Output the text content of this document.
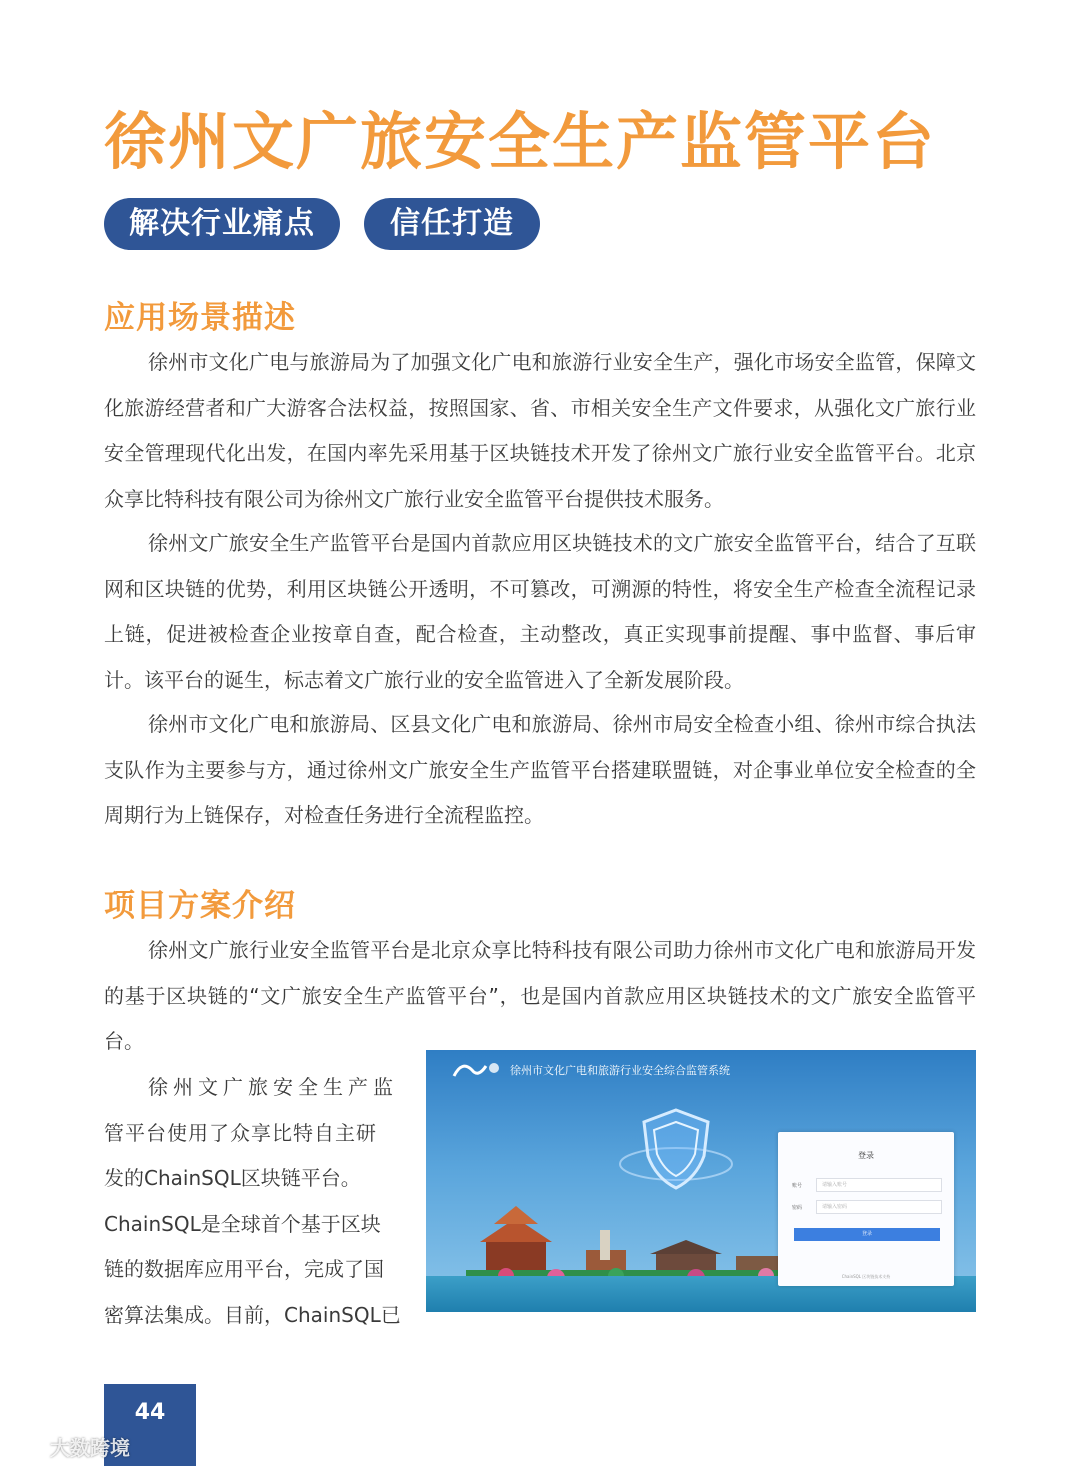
徐州文广旅安全生产监管平台
解决行业痛点	信任打造
应用场景描述

徐州市文化广电与旅游局为了加强文化广电和旅游行业安全生产，强化市场安全监管，保障文化旅游经营者和广大游客合法权益，按照国家、省、市相关安全生产文件要求，从强化文广旅行业安全管理现代化出发，在国内率先采用基于区块链技术开发了徐州文广旅行业安全监管平台。北京众享比特科技有限公司为徐州文广旅行业安全监管平台提供技术服务。

徐州文广旅安全生产监管平台是国内首款应用区块链技术的文广旅安全监管平台，结合了互联网和区块链的优势，利用区块链公开透明，不可篡改，可溯源的特性，将安全生产检查全流程记录上链，促进被检查企业按章自查，配合检查，主动整改，真正实现事前提醒、事中监督、事后审计。该平台的诞生，标志着文广旅行业的安全监管进入了全新发展阶段。

徐州市文化广电和旅游局、区县文化广电和旅游局、徐州市局安全检查小组、徐州市综合执法支队作为主要参与方，通过徐州文广旅安全生产监管平台搭建联盟链，对企事业单位安全检查的全周期行为上链保存，对检查任务进行全流程监控。

项目方案介绍

徐州文广旅行业安全监管平台是北京众享比特科技有限公司助力徐州市文化广电和旅游局开发的基于区块链的“文广旅安全生产监管平台”，也是国内首款应用区块链技术的文广旅安全监管平台。

徐州文广旅安全生产监
管平台使用了众享比特自主研
发的ChainSQL区块链平台。
ChainSQL是全球首个基于区块
链的数据库应用平台，完成了国
密算法集成。目前，ChainSQL已
徐州市文化广电和旅游行业安全综合监管系统
登录
账号	请输入账号
密码	请输入密码
登录
ChainSQL 区块链技术支持
44
大数跨境
